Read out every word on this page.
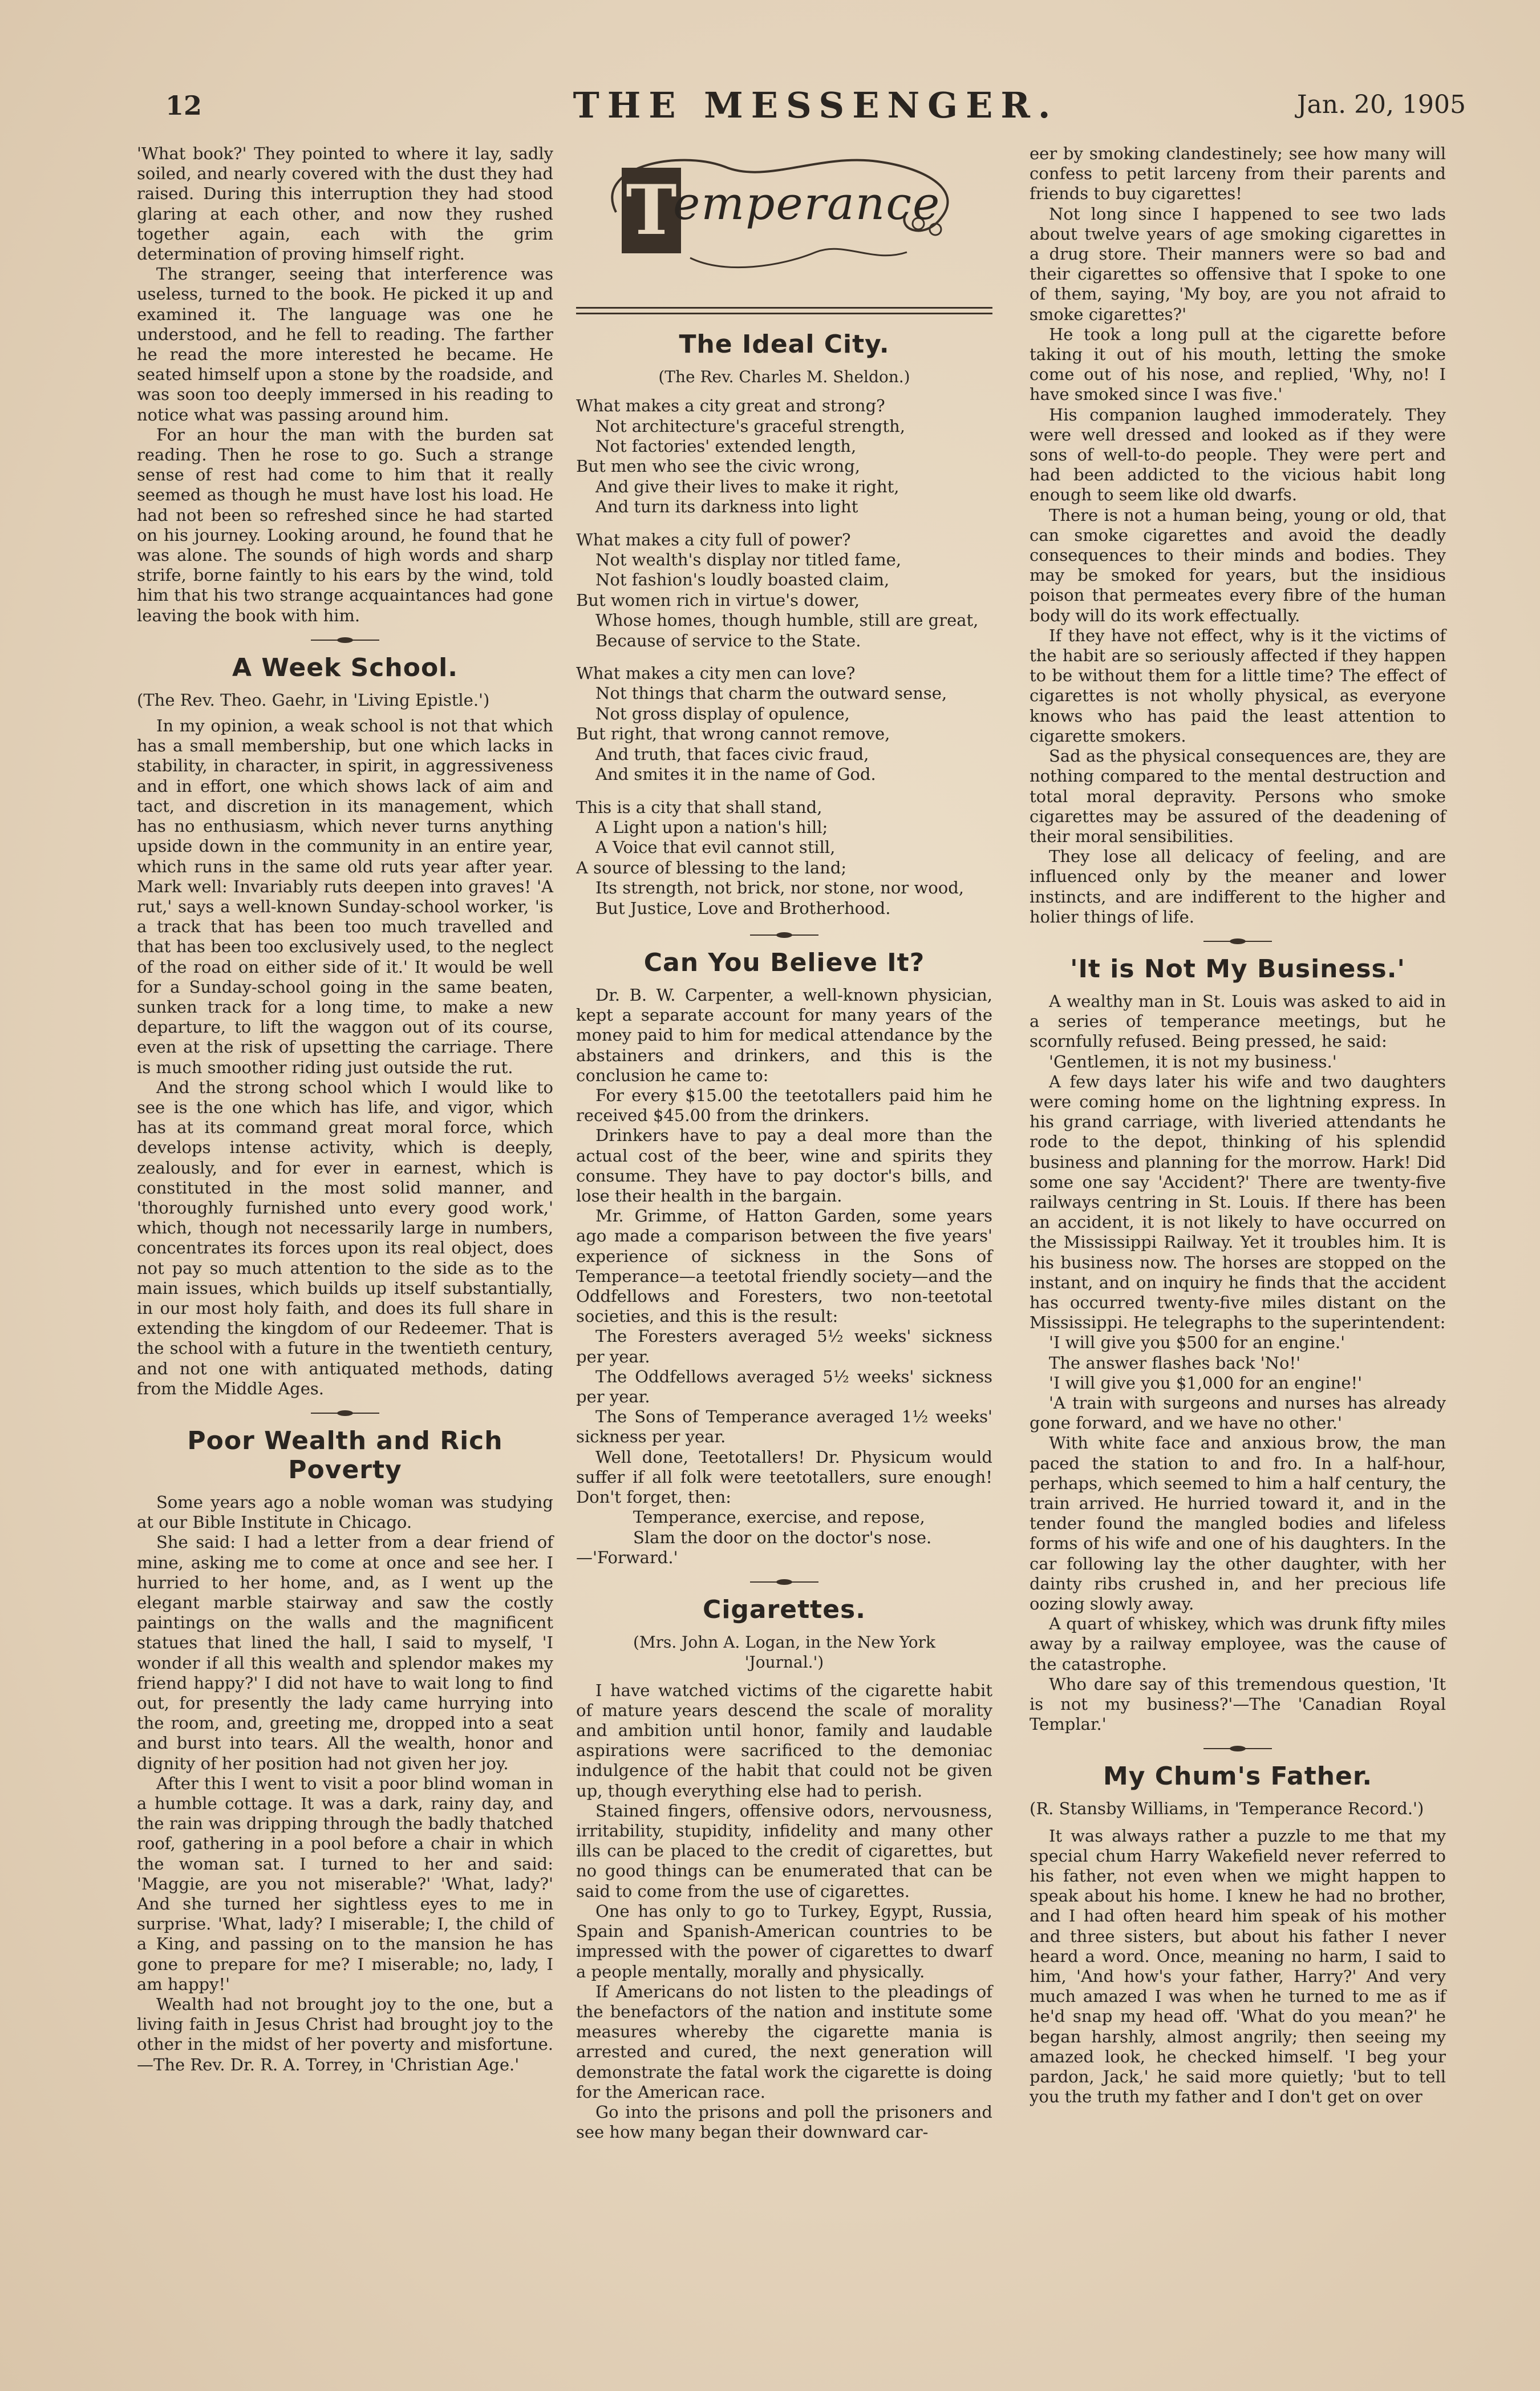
12	THE MESSENGER.	Jan. 20, 1905

'What book?' They pointed to where it lay, sadly soiled, and nearly covered with the dust they had raised. During this interruption they had stood glaring at each other, and now they rushed together again, each with the grim determination of proving himself right.

The stranger, seeing that interference was useless, turned to the book. He picked it up and examined it. The language was one he understood, and he fell to reading. The farther he read the more interested he became. He seated himself upon a stone by the roadside, and was soon too deeply immersed in his reading to notice what was passing around him.

For an hour the man with the burden sat reading. Then he rose to go. Such a strange sense of rest had come to him that it really seemed as though he must have lost his load. He had not been so refreshed since he had started on his journey. Looking around, he found that he was alone. The sounds of high words and sharp strife, borne faintly to his ears by the wind, told him that his two strange acquaintances had gone leaving the book with him.

A Week School.

(The Rev. Theo. Gaehr, in 'Living Epistle.')

In my opinion, a weak school is not that which has a small membership, but one which lacks in stability, in character, in spirit, in aggressiveness and in effort, one which shows lack of aim and tact, and discretion in its management, which has no enthusiasm, which never turns anything upside down in the community in an entire year, which runs in the same old ruts year after year. Mark well: Invariably ruts deepen into graves! 'A rut,' says a well-known Sunday-school worker, 'is a track that has been too much travelled and that has been too exclusively used, to the neglect of the road on either side of it.' It would be well for a Sunday-school going in the same beaten, sunken track for a long time, to make a new departure, to lift the waggon out of its course, even at the risk of upsetting the carriage. There is much smoother riding just outside the rut.

And the strong school which I would like to see is the one which has life, and vigor, which has at its command great moral force, which develops intense activity, which is deeply, zealously, and for ever in earnest, which is constituted in the most solid manner, and 'thoroughly furnished unto every good work,' which, though not necessarily large in numbers, concentrates its forces upon its real object, does not pay so much attention to the side as to the main issues, which builds up itself substantially, in our most holy faith, and does its full share in extending the kingdom of our Redeemer. That is the school with a future in the twentieth century, and not one with antiquated methods, dating from the Middle Ages.

Poor Wealth and Rich Poverty

Some years ago a noble woman was studying at our Bible Institute in Chicago.

She said: I had a letter from a dear friend of mine, asking me to come at once and see her. I hurried to her home, and, as I went up the elegant marble stairway and saw the costly paintings on the walls and the magnificent statues that lined the hall, I said to myself, 'I wonder if all this wealth and splendor makes my friend happy?' I did not have to wait long to find out, for presently the lady came hurrying into the room, and, greeting me, dropped into a seat and burst into tears. All the wealth, honor and dignity of her position had not given her joy.

After this I went to visit a poor blind woman in a humble cottage. It was a dark, rainy day, and the rain was dripping through the badly thatched roof, gathering in a pool before a chair in which the woman sat. I turned to her and said: 'Maggie, are you not miserable?' 'What, lady?' And she turned her sightless eyes to me in surprise. 'What, lady? I miserable; I, the child of a King, and passing on to the mansion he has gone to prepare for me? I miserable; no, lady, I am happy!'

Wealth had not brought joy to the one, but a living faith in Jesus Christ had brought joy to the other in the midst of her poverty and misfortune.—The Rev. Dr. R. A. Torrey, in 'Christian Age.'

T
emperance
The Ideal City.

(The Rev. Charles M. Sheldon.)

What makes a city great and strong?
Not architecture's graceful strength,
Not factories' extended length,
But men who see the civic wrong,
And give their lives to make it right,
And turn its darkness into light
What makes a city full of power?
Not wealth's display nor titled fame,
Not fashion's loudly boasted claim,
But women rich in virtue's dower,
Whose homes, though humble, still are great,
Because of service to the State.
What makes a city men can love?
Not things that charm the outward sense,
Not gross display of opulence,
But right, that wrong cannot remove,
And truth, that faces civic fraud,
And smites it in the name of God.
This is a city that shall stand,
A Light upon a nation's hill;
A Voice that evil cannot still,
A source of blessing to the land;
Its strength, not brick, nor stone, nor wood,
But Justice, Love and Brotherhood.
Can You Believe It?

Dr. B. W. Carpenter, a well-known physician, kept a separate account for many years of the money paid to him for medical attendance by the abstainers and drinkers, and this is the conclusion he came to:

For every $15.00 the teetotallers paid him he received $45.00 from the drinkers.

Drinkers have to pay a deal more than the actual cost of the beer, wine and spirits they consume. They have to pay doctor's bills, and lose their health in the bargain.

Mr. Grimme, of Hatton Garden, some years ago made a comparison between the five years' experience of sickness in the Sons of Temperance—a teetotal friendly society—and the Oddfellows and Foresters, two non-teetotal societies, and this is the result:

The Foresters averaged 5½ weeks' sickness per year.

The Oddfellows averaged 5½ weeks' sickness per year.

The Sons of Temperance averaged 1½ weeks' sickness per year.

Well done, Teetotallers! Dr. Physicum would suffer if all folk were teetotallers, sure enough! Don't forget, then:

Temperance, exercise, and repose,
Slam the door on the doctor's nose.

—'Forward.'

Cigarettes.

(Mrs. John A. Logan, in the New York
'Journal.')

I have watched victims of the cigarette habit of mature years descend the scale of morality and ambition until honor, family and laudable aspirations were sacrificed to the demoniac indulgence of the habit that could not be given up, though everything else had to perish.

Stained fingers, offensive odors, nervousness, irritability, stupidity, infidelity and many other ills can be placed to the credit of cigarettes, but no good things can be enumerated that can be said to come from the use of cigarettes.

One has only to go to Turkey, Egypt, Russia, Spain and Spanish-American countries to be impressed with the power of cigarettes to dwarf a people mentally, morally and physically.

If Americans do not listen to the pleadings of the benefactors of the nation and institute some measures whereby the cigarette mania is arrested and cured, the next generation will demonstrate the fatal work the cigarette is doing for the American race.

Go into the prisons and poll the prisoners and see how many began their downward car-

eer by smoking clandestinely; see how many will confess to petit larceny from their parents and friends to buy cigarettes!

Not long since I happened to see two lads about twelve years of age smoking cigarettes in a drug store. Their manners were so bad and their cigarettes so offensive that I spoke to one of them, saying, 'My boy, are you not afraid to smoke cigarettes?'

He took a long pull at the cigarette before taking it out of his mouth, letting the smoke come out of his nose, and replied, 'Why, no! I have smoked since I was five.'

His companion laughed immoderately. They were well dressed and looked as if they were sons of well-to-do people. They were pert and had been addicted to the vicious habit long enough to seem like old dwarfs.

There is not a human being, young or old, that can smoke cigarettes and avoid the deadly consequences to their minds and bodies. They may be smoked for years, but the insidious poison that permeates every fibre of the human body will do its work effectually.

If they have not effect, why is it the victims of the habit are so seriously affected if they happen to be without them for a little time? The effect of cigarettes is not wholly physical, as everyone knows who has paid the least attention to cigarette smokers.

Sad as the physical consequences are, they are nothing compared to the mental destruction and total moral depravity. Persons who smoke cigarettes may be assured of the deadening of their moral sensibilities.

They lose all delicacy of feeling, and are influenced only by the meaner and lower instincts, and are indifferent to the higher and holier things of life.

'It is Not My Business.'

A wealthy man in St. Louis was asked to aid in a series of temperance meetings, but he scornfully refused. Being pressed, he said:

'Gentlemen, it is not my business.'

A few days later his wife and two daughters were coming home on the lightning express. In his grand carriage, with liveried attendants he rode to the depot, thinking of his splendid business and planning for the morrow. Hark! Did some one say 'Accident?' There are twenty-five railways centring in St. Louis. If there has been an accident, it is not likely to have occurred on the Mississippi Railway. Yet it troubles him. It is his business now. The horses are stopped on the instant, and on inquiry he finds that the accident has occurred twenty-five miles distant on the Mississippi. He telegraphs to the superintendent:

'I will give you $500 for an engine.'

The answer flashes back 'No!'

'I will give you $1,000 for an engine!'

'A train with surgeons and nurses has already gone forward, and we have no other.'

With white face and anxious brow, the man paced the station to and fro. In a half-hour, perhaps, which seemed to him a half century, the train arrived. He hurried toward it, and in the tender found the mangled bodies and lifeless forms of his wife and one of his daughters. In the car following lay the other daughter, with her dainty ribs crushed in, and her precious life oozing slowly away.

A quart of whiskey, which was drunk fifty miles away by a railway employee, was the cause of the catastrophe.

Who dare say of this tremendous question, 'It is not my business?'—The 'Canadian Royal Templar.'

My Chum's Father.

(R. Stansby Williams, in 'Temperance Record.')

It was always rather a puzzle to me that my special chum Harry Wakefield never referred to his father, not even when we might happen to speak about his home. I knew he had no brother, and I had often heard him speak of his mother and three sisters, but about his father I never heard a word. Once, meaning no harm, I said to him, 'And how's your father, Harry?' And very much amazed I was when he turned to me as if he'd snap my head off. 'What do you mean?' he began harshly, almost angrily; then seeing my amazed look, he checked himself. 'I beg your pardon, Jack,' he said more quietly; 'but to tell you the truth my father and I don't get on over
